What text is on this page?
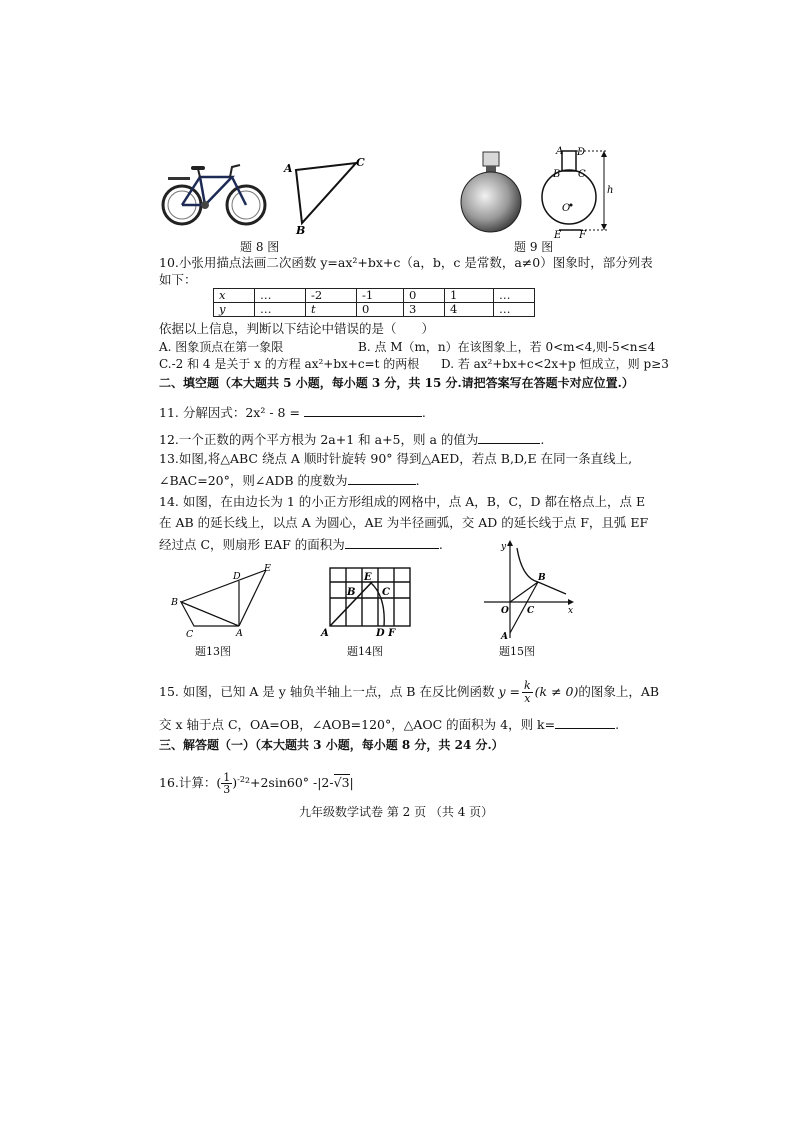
A	C
B
题 8 图
A D
B C
O
h
E F
题 9 图
10.小张用描点法画二次函数 y=ax²+bx+c（a，b，c 是常数，a≠0）图象时，部分列表
如下：
x	…	-2	-1	0	1	…
y	…	t	0	3	4	…
依据以上信息，判断以下结论中错误的是（　　）
A. 图象顶点在第一象限	B. 点 M（m，n）在该图象上，若 0<m<4,则-5<n≤4
C.-2 和 4 是关于 x 的方程 ax²+bx+c=t 的两根 D. 若 ax²+bx+c<2x+p 恒成立，则 p≥3
二、填空题（本大题共 5 小题，每小题 3 分，共 15 分.请把答案写在答题卡对应位置.）
11. 分解因式：2x² - 8 =	.
12.一个正数的两个平方根为 2a+1 和 a+5，则 a 的值为	.
13.如图,将△ABC 绕点 A 顺时针旋转 90° 得到△AED，若点 B,D,E 在同一条直线上,
∠BAC=20°，则∠ADB 的度数为	.
14. 如图，在由边长为 1 的小正方形组成的网格中，点 A，B，C，D 都在格点上，点 E
在 AB 的延长线上，以点 A 为圆心，AE 为半径画弧，交 AD 的延长线于点 F，且弧 EF
经过点 C，则扇形 EAF 的面积为	.
D
E
B
C	A
题13图
E
B	C
A	D F
题14图
y
B
O C	x
A
题15图
15. 如图，已知 A 是 y 轴负半轴上一点，点 B 在反比例函数 $y = \frac{k}{x} (k \ne 0)$的图象上，AB
交 x 轴于点 C，OA=OB，∠AOB=120°，△AOC 的面积为 4，则 k=	.
三、解答题（一）（本大题共 3 小题，每小题 8 分，共 24 分.）
16.计算：( $\frac{1}{3} )^{-2}^2+2\sin 60^\circ$ -|2-√3|
九年级数学试卷 第 2 页 （共 4 页）
